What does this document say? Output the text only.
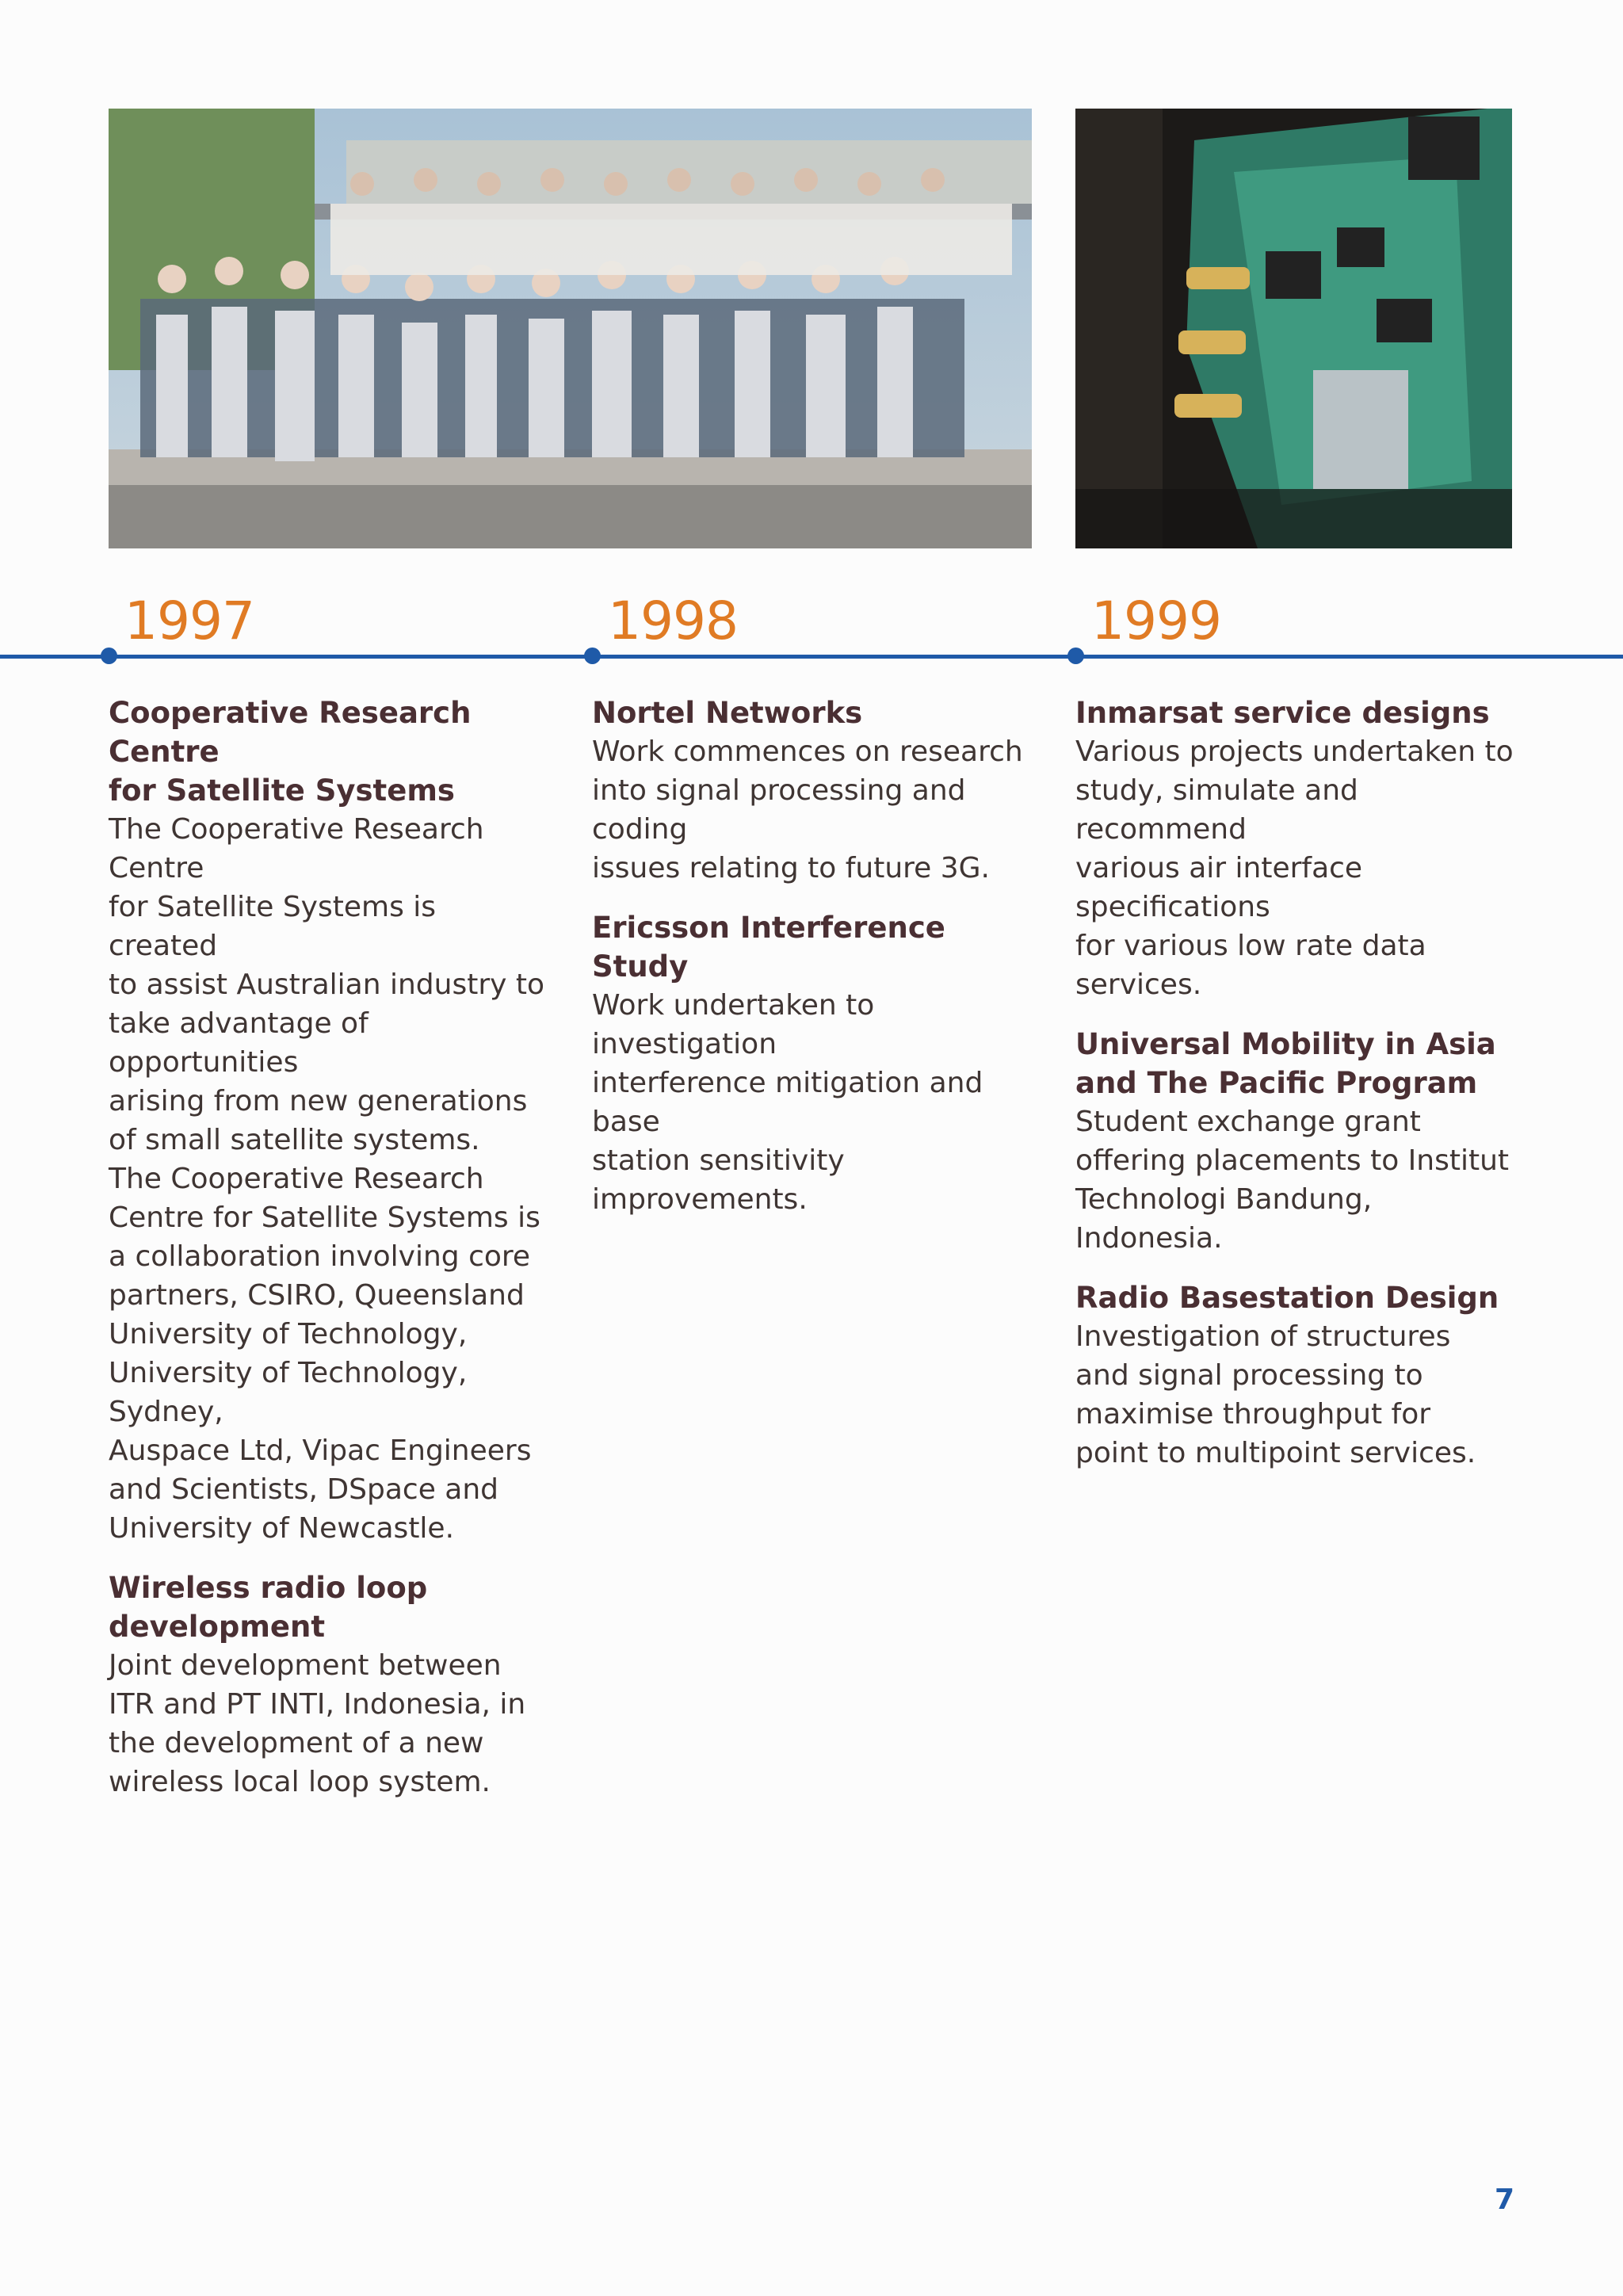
1997	1998	1999
Cooperative Research Centre
for Satellite Systems
The Cooperative Research Centre
for Satellite Systems is created
to assist Australian industry to
take advantage of opportunities
arising from new generations
of small satellite systems.
The Cooperative Research
Centre for Satellite Systems is
a collaboration involving core
partners, CSIRO, Queensland
University of Technology,
University of Technology, Sydney,
Auspace Ltd, Vipac Engineers
and Scientists, DSpace and
University of Newcastle.
Wireless radio loop
development
Joint development between
ITR and PT INTI, Indonesia, in
the development of a new
wireless local loop system.
Nortel Networks
Work commences on research
into signal processing and coding
issues relating to future 3G.
Ericsson Interference Study
Work undertaken to investigation
interference mitigation and base
station sensitivity improvements.
Inmarsat service designs
Various projects undertaken to
study, simulate and recommend
various air interface specifications
for various low rate data services.
Universal Mobility in Asia
and The Pacific Program
Student exchange grant
offering placements to Institut
Technologi Bandung, Indonesia.
Radio Basestation Design
Investigation of structures
and signal processing to
maximise throughput for
point to multipoint services.
7
